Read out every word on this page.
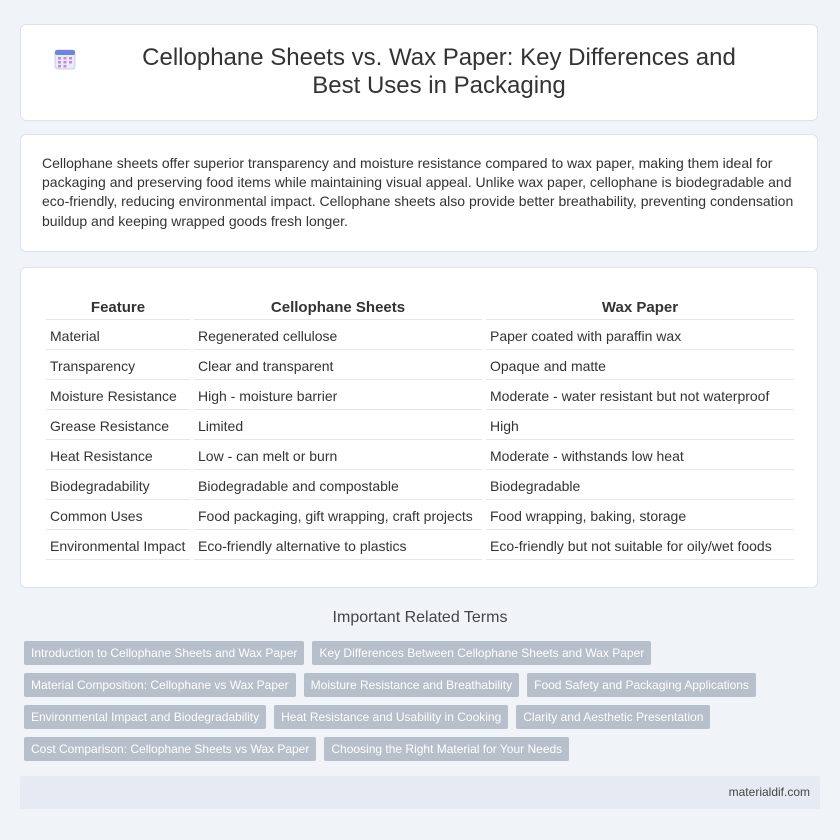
Cellophane Sheets vs. Wax Paper: Key Differences and Best Uses in Packaging

Cellophane sheets offer superior transparency and moisture resistance compared to wax paper, making them ideal for packaging and preserving food items while maintaining visual appeal. Unlike wax paper, cellophane is biodegradable and eco-friendly, reducing environmental impact. Cellophane sheets also provide better breathability, preventing condensation buildup and keeping wrapped goods fresh longer.

Feature	Cellophane Sheets	Wax Paper
Material	Regenerated cellulose	Paper coated with paraffin wax
Transparency	Clear and transparent	Opaque and matte
Moisture Resistance	High - moisture barrier	Moderate - water resistant but not waterproof
Grease Resistance	Limited	High
Heat Resistance	Low - can melt or burn	Moderate - withstands low heat
Biodegradability	Biodegradable and compostable	Biodegradable
Common Uses	Food packaging, gift wrapping, craft projects	Food wrapping, baking, storage
Environmental Impact	Eco-friendly alternative to plastics	Eco-friendly but not suitable for oily/wet foods
Important Related Terms
Introduction to Cellophane Sheets and Wax Paper	Key Differences Between Cellophane Sheets and Wax Paper
Material Composition: Cellophane vs Wax Paper	Moisture Resistance and Breathability	Food Safety and Packaging Applications
Environmental Impact and Biodegradability	Heat Resistance and Usability in Cooking	Clarity and Aesthetic Presentation
Cost Comparison: Cellophane Sheets vs Wax Paper	Choosing the Right Material for Your Needs
materialdif.com
